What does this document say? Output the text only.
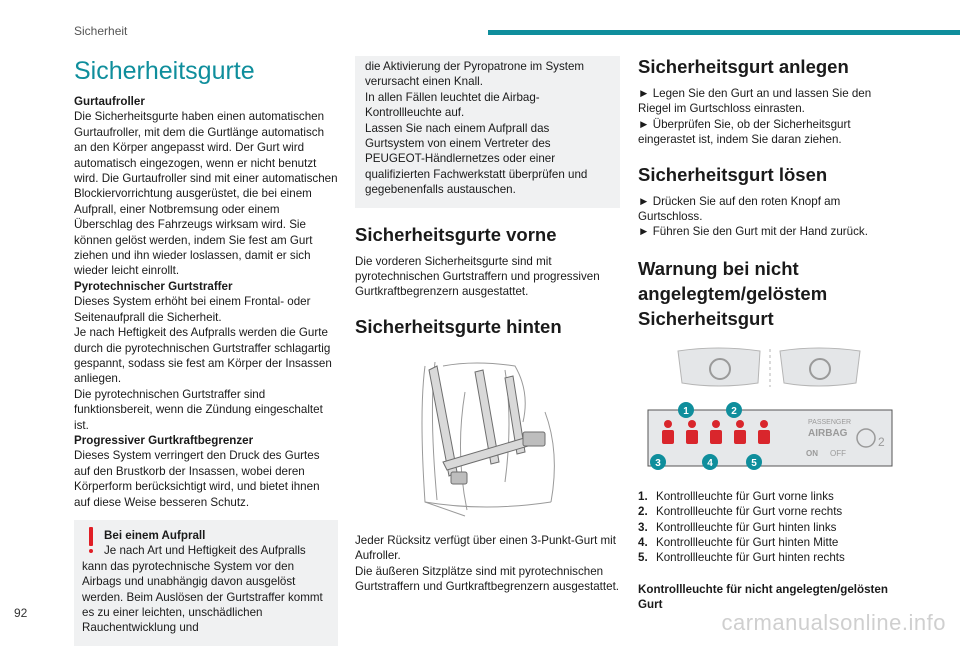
Sicherheit
Sicherheitsgurte

Gurtaufroller

Die Sicherheitsgurte haben einen automatischen Gurtaufroller, mit dem die Gurtlänge automatisch an den Körper angepasst wird. Der Gurt wird automatisch eingezogen, wenn er nicht benutzt wird. Die Gurtaufroller sind mit einer automatischen Blockiervorrichtung ausgerüstet, die bei einem Aufprall, einer Notbremsung oder einem Überschlag des Fahrzeugs wirksam wird. Sie können gelöst werden, indem Sie fest am Gurt ziehen und ihn wieder loslassen, damit er sich wieder leicht einrollt.

Pyrotechnischer Gurtstraffer

Dieses System erhöht bei einem Frontal- oder Seitenaufprall die Sicherheit.

Je nach Heftigkeit des Aufpralls werden die Gurte durch die pyrotechnischen Gurtstraffer schlagartig gespannt, sodass sie fest am Körper der Insassen anliegen.

Die pyrotechnischen Gurtstraffer sind funktionsbereit, wenn die Zündung eingeschaltet ist.

Progressiver Gurtkraftbegrenzer

Dieses System verringert den Druck des Gurtes auf den Brustkorb der Insassen, wobei deren Körperform berücksichtigt wird, und bietet ihnen auf diese Weise besseren Schutz.

Bei einem Aufprall

Je nach Art und Heftigkeit des Aufpralls

kann das pyrotechnische System vor den Airbags und unabhängig davon ausgelöst werden. Beim Auslösen der Gurtstraffer kommt es zu einer leichten, unschädlichen Rauchentwicklung und

die Aktivierung der Pyropatrone im System verursacht einen Knall.

In allen Fällen leuchtet die Airbag-Kontrollleuchte auf.

Lassen Sie nach einem Aufprall das Gurtsystem von einem Vertreter des PEUGEOT-Händlernetzes oder einer qualifizierten Fachwerkstatt überprüfen und gegebenenfalls austauschen.

Sicherheitsgurte vorne

Die vorderen Sicherheitsgurte sind mit pyrotechnischen Gurtstraffern und progressiven Gurtkraftbegrenzern ausgestattet.

Sicherheitsgurte hinten

Jeder Rücksitz verfügt über einen 3-Punkt-Gurt mit Aufroller.

Die äußeren Sitzplätze sind mit pyrotechnischen Gurtstraffern und Gurtkraftbegrenzern ausgestattet.

Sicherheitsgurt anlegen

► Legen Sie den Gurt an und lassen Sie den Riegel im Gurtschloss einrasten.

► Überprüfen Sie, ob der Sicherheitsgurt eingerastet ist, indem Sie daran ziehen.

Sicherheitsgurt lösen

► Drücken Sie auf den roten Knopf am Gurtschloss.

► Führen Sie den Gurt mit der Hand zurück.

Warnung bei nicht angelegtem/gelöstem Sicherheitsgurt

1	2
3	4	5
PASSENGER
AIRBAG
ON OFF
2
1. Kontrollleuchte für Gurt vorne links
2. Kontrollleuchte für Gurt vorne rechts
3. Kontrollleuchte für Gurt hinten links
4. Kontrollleuchte für Gurt hinten Mitte
5. Kontrollleuchte für Gurt hinten rechts

Kontrollleuchte für nicht angelegten/gelösten Gurt

92	carmanualsonline.info
